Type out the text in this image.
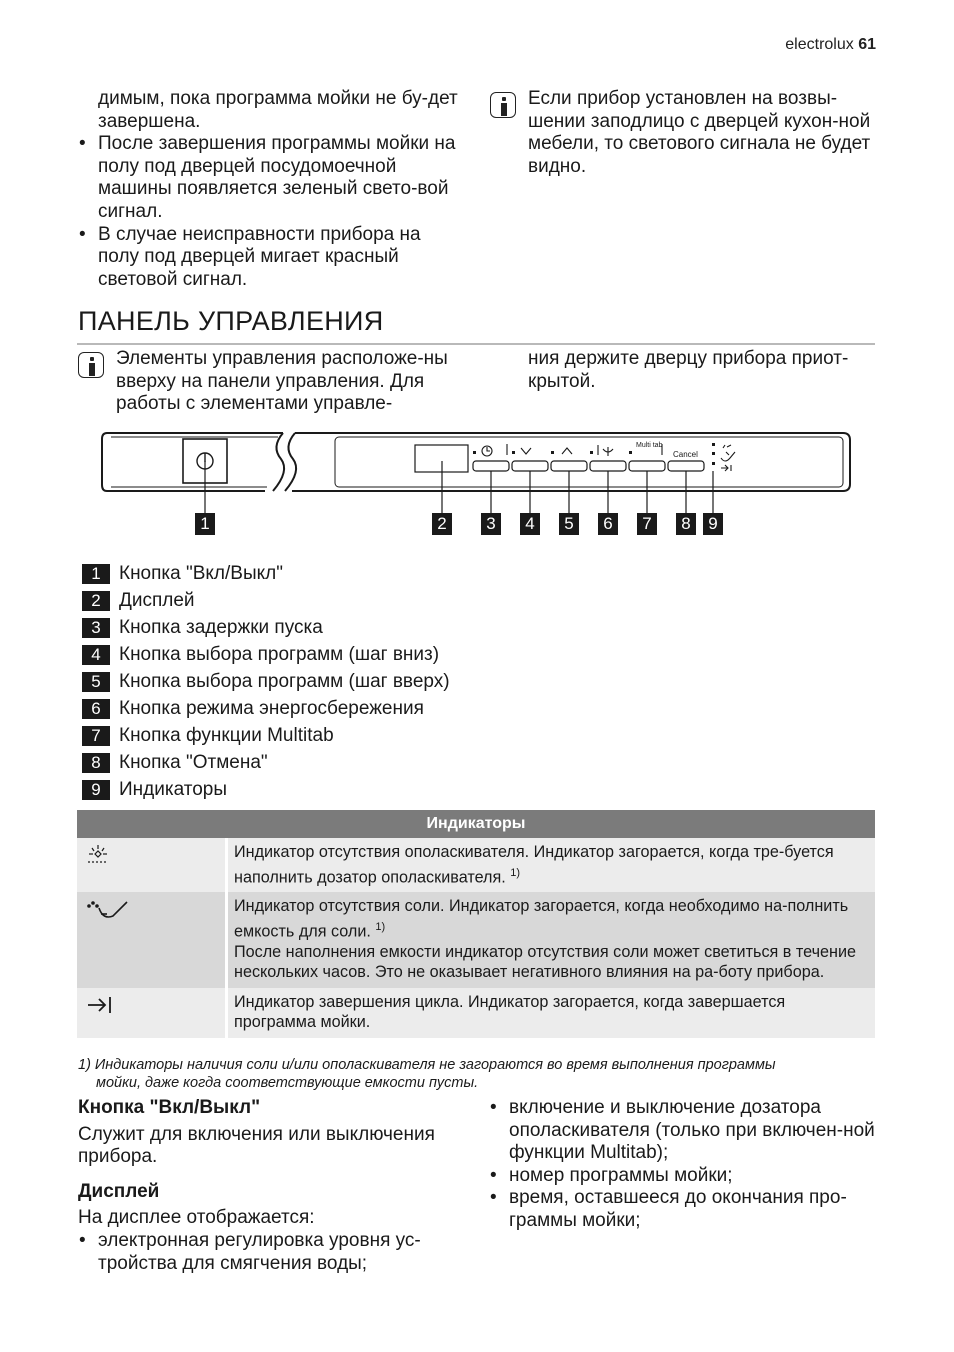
electrolux 61

димым, пока программа мойки не бу-дет завершена.

• После завершения программы мойки на полу под дверцей посудомоечной машины появляется зеленый свето-вой сигнал.
• В случае неисправности прибора на полу под дверцей мигает красный световой сигнал.
Если прибор установлен на возвы-шении заподлицо с дверцей кухон-ной мебели, то светового сигнала не будет видно.
ПАНЕЛЬ УПРАВЛЕНИЯ
Элементы управления расположе-ны вверху на панели управления. Для работы с элементами управле-
ния держите дверцу прибора приот-крытой.
Multi tab
Cancel
1	2	3	4	5	6	7	8	9
1 Кнопка "Вкл/Выкл"
2 Дисплей
3 Кнопка задержки пуска
4 Кнопка выбора программ (шаг вниз)
5 Кнопка выбора программ (шаг вверх)
6 Кнопка режима энергосбережения
7 Кнопка функции Multitab
8 Кнопка "Отмена"
9 Индикаторы
Индикаторы	
	Индикатор отсутствия ополаскивателя. Индикатор загорается, когда тре-буется наполнить дозатор ополаскивателя. $^{1)}$
	Индикатор отсутствия соли. Индикатор загорается, когда необходимо на-полнить емкость для соли. $^{1)}$
После наполнения емкости индикатор отсутствия соли может светиться в течение нескольких часов. Это не оказывает негативного влияния на ра-боту прибора.
	Индикатор завершения цикла. Индикатор загорается, когда завершается программа мойки.
1) Индикаторы наличия соли и/или ополаскивателя не загораются во время выполнения программы
мойки, даже когда соответствующие емкости пусты.
Кнопка "Вкл/Выкл"

Служит для включения или выключения прибора.

Дисплей

На дисплее отображается:

• электронная регулировка уровня ус-тройства для смягчения воды;
• включение и выключение дозатора ополаскивателя (только при включен-ной функции Multitab);
• номер программы мойки;
• время, оставшееся до окончания про-граммы мойки;
